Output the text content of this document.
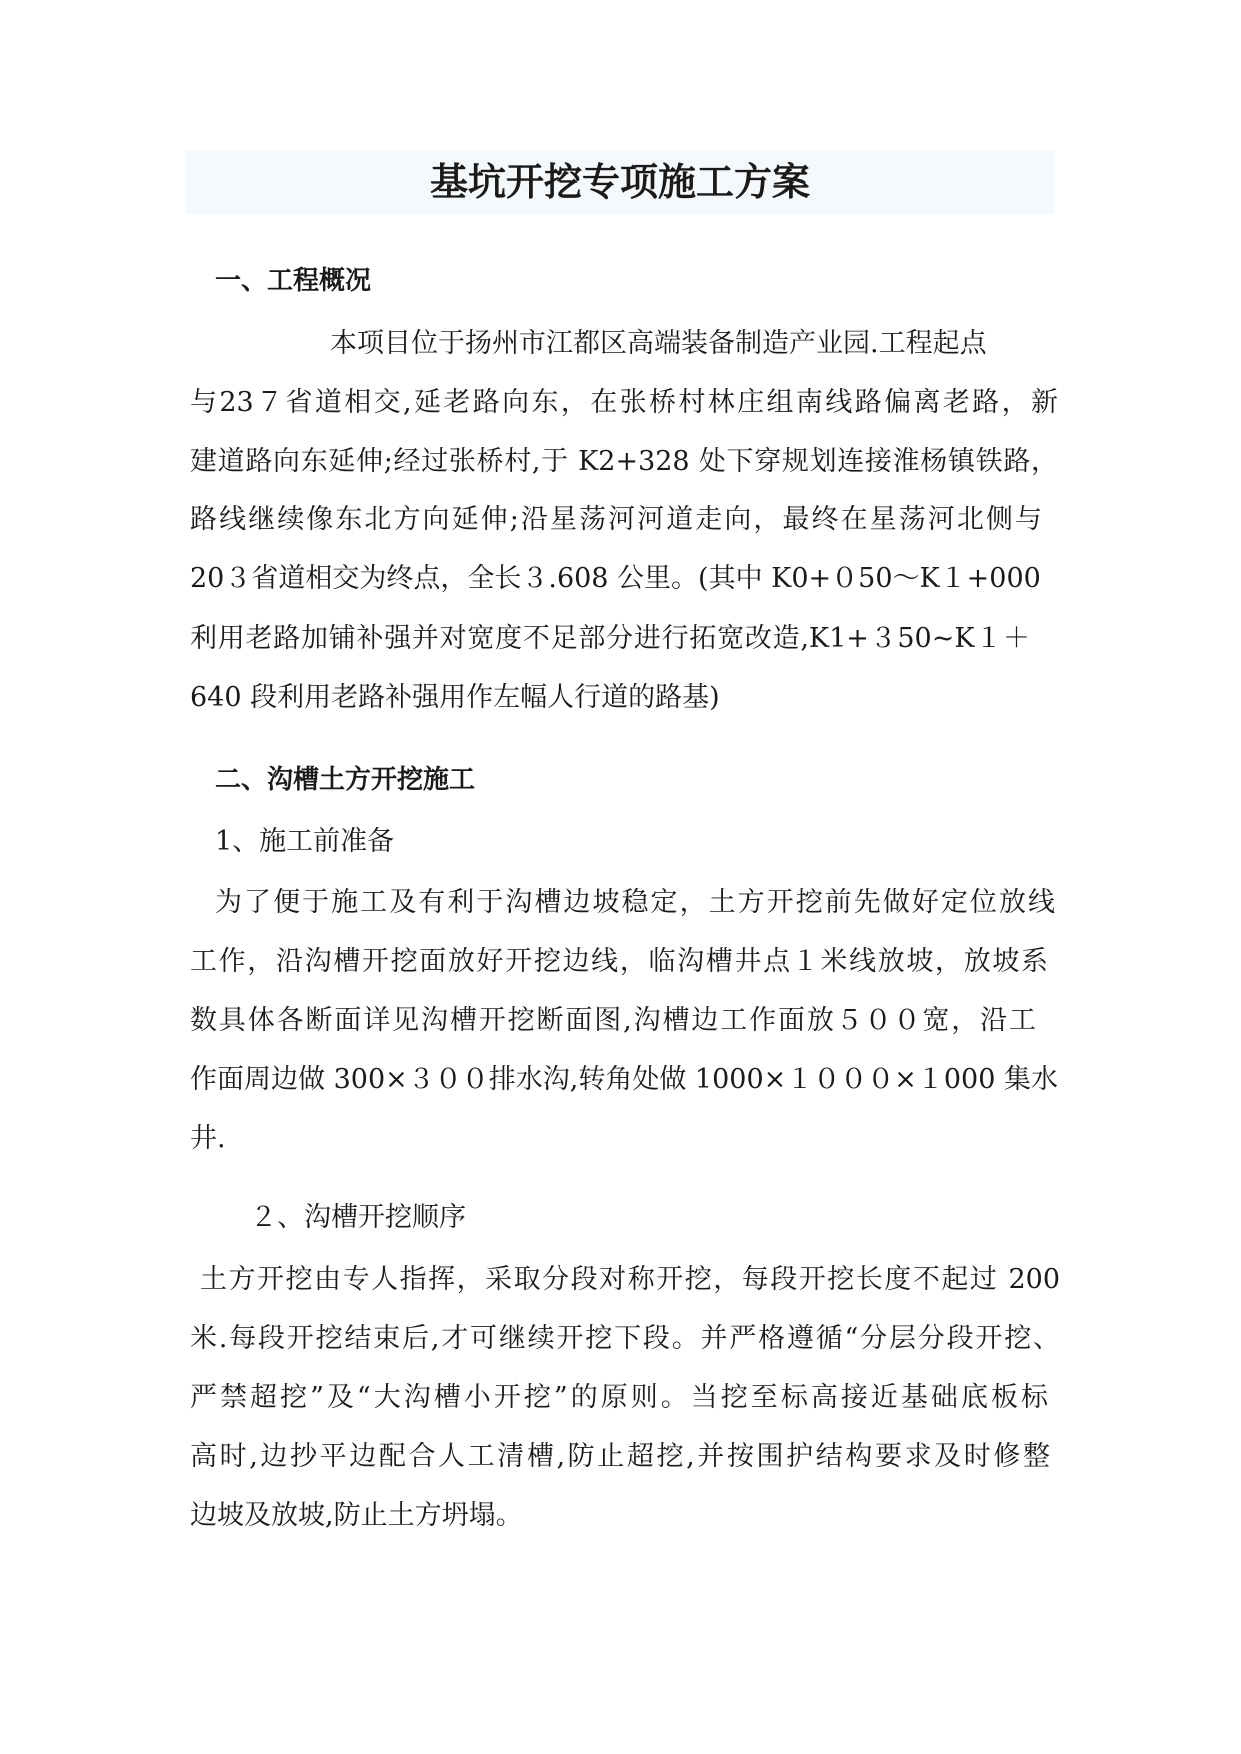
基坑开挖专项施工方案
一、工程概况
本项目位于扬州市江都区高端装备制造产业园.工程起点
与23７省道相交,延老路向东，在张桥村林庄组南线路偏离老路，新
建道路向东延伸;经过张桥村,于 K2+328 处下穿规划连接淮杨镇铁路，
路线继续像东北方向延伸;沿星荡河河道走向，最终在星荡河北侧与
20３省道相交为终点，全长３.608 公里。(其中 K0+０50～K１+000
利用老路加铺补强并对宽度不足部分进行拓宽改造,K1+３50~K１＋
640 段利用老路补强用作左幅人行道的路基)
二、沟槽土方开挖施工
1、施工前准备
为了便于施工及有利于沟槽边坡稳定，土方开挖前先做好定位放线
工作，沿沟槽开挖面放好开挖边线，临沟槽井点１米线放坡，放坡系
数具体各断面详见沟槽开挖断面图,沟槽边工作面放５００宽，沿工
作面周边做 300×３００排水沟,转角处做 1000×１０００×１000 集水
井.
２、沟槽开挖顺序
土方开挖由专人指挥，采取分段对称开挖，每段开挖长度不起过 200
米.每段开挖结束后,才可继续开挖下段。并严格遵循“分层分段开挖、
严禁超挖”及“大沟槽小开挖”的原则。当挖至标高接近基础底板标
高时,边抄平边配合人工清槽,防止超挖,并按围护结构要求及时修整
边坡及放坡,防止土方坍塌。
